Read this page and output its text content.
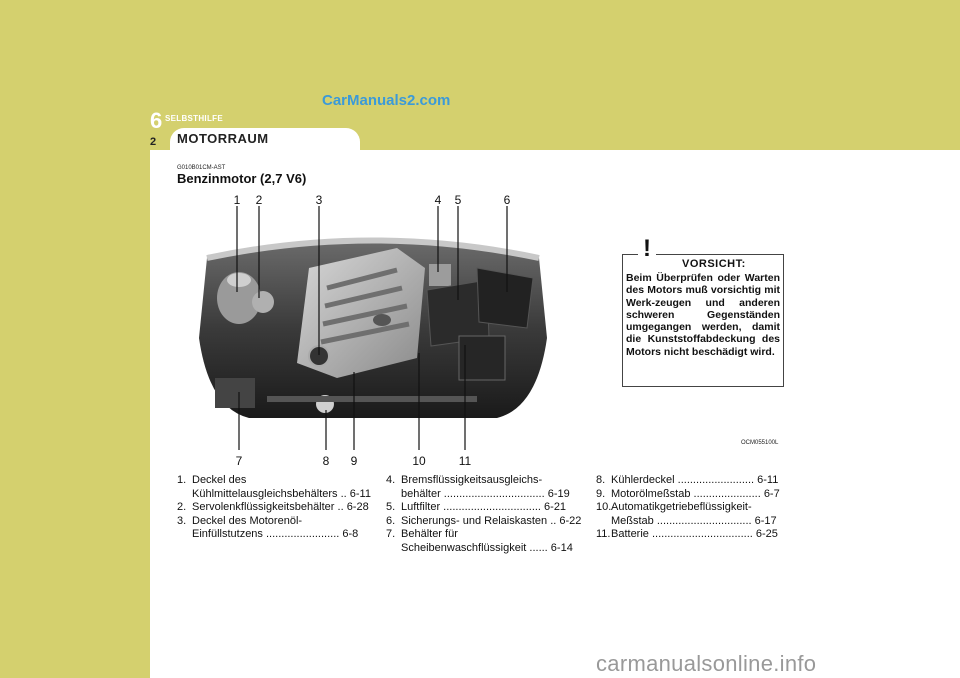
CarManuals2.com
6 SELBSTHILFE
MOTORRAUM
2
G010B01CM-AST
Benzinmotor (2,7 V6)
1	2	3	4	5	6
7	8	9	10	11
!
VORSICHT:
Beim Überprüfen oder Warten des Motors muß vorsichtig mit Werk-zeugen und anderen schweren Gegenständen umgegangen werden, damit die Kunststoffabdeckung des Motors nicht beschädigt wird.
OCM055100L
1. Deckel des
Kühlmittelausgleichsbehälters .. 6-11
2. Servolenkflüssigkeitsbehälter .. 6-28
3. Deckel des Motorenöl-
Einfüllstutzens ........................ 6-8
4. Bremsflüssigkeitsausgleichs-
behälter ................................. 6-19
5. Luftfilter ................................ 6-21
6. Sicherungs- und Relaiskasten .. 6-22
7. Behälter für
Scheibenwaschflüssigkeit ...... 6-14
8. Kühlerdeckel ......................... 6-11
9. Motorölmeßstab ...................... 6-7
10. Automatikgetriebeflüssigkeit-
Meßstab ............................... 6-17
11. Batterie ................................. 6-25
carmanualsonline.info
